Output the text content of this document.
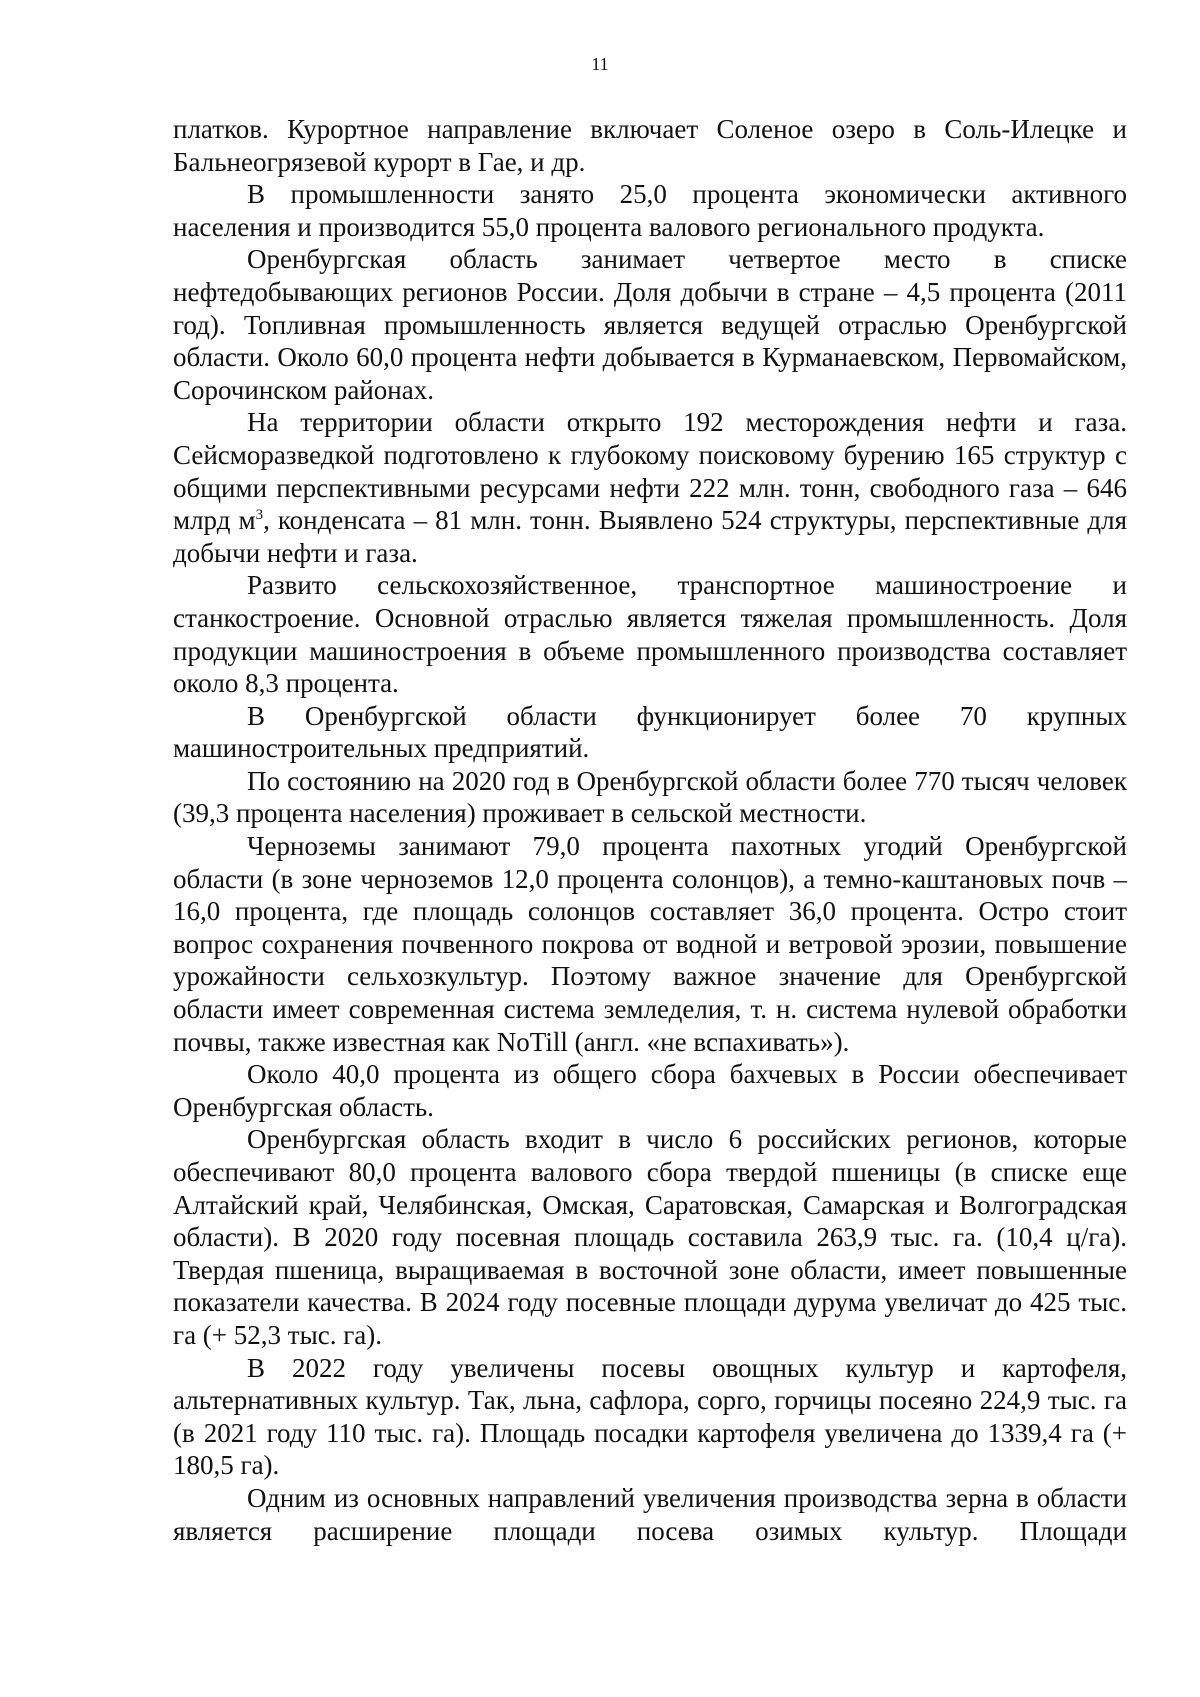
11

платков. Курортное направление включает Соленое озеро в Соль-Илецке и Бальнеогрязевой курорт в Гае, и др.

В промышленности занято 25,0 процента экономически активного населения и производится 55,0 процента валового регионального продукта.

Оренбургская область занимает четвертое место в списке нефтедобывающих регионов России. Доля добычи в стране – 4,5 процента (2011 год). Топливная промышленность является ведущей отраслью Оренбургской области. Около 60,0 процента нефти добывается в Курманаевском, Первомайском, Сорочинском районах.

На территории области открыто 192 месторождения нефти и газа. Сейсморазведкой подготовлено к глубокому поисковому бурению 165 структур с общими перспективными ресурсами нефти 222 млн. тонн, свободного газа – 646 млрд $м^3$, конденсата – 81 млн. тонн. Выявлено 524 структуры, перспективные для добычи нефти и газа.

Развито сельскохозяйственное, транспортное машиностроение и станкостроение. Основной отраслью является тяжелая промышленность. Доля продукции машиностроения в объеме промышленного производства составляет около 8,3 процента.

В Оренбургской области функционирует более 70 крупных машиностроительных предприятий.

По состоянию на 2020 год в Оренбургской области более 770 тысяч человек (39,3 процента населения) проживает в сельской местности.

Черноземы занимают 79,0 процента пахотных угодий Оренбургской области (в зоне черноземов 12,0 процента солонцов), а темно-каштановых почв – 16,0 процента, где площадь солонцов составляет 36,0 процента. Остро стоит вопрос сохранения почвенного покрова от водной и ветровой эрозии, повышение урожайности сельхозкультур. Поэтому важное значение для Оренбургской области имеет современная система земледелия, т. н. система нулевой обработки почвы, также известная как NoTill (англ. «не вспахивать»).

Около 40,0 процента из общего сбора бахчевых в России обеспечивает Оренбургская область.

Оренбургская область входит в число 6 российских регионов, которые обеспечивают 80,0 процента валового сбора твердой пшеницы (в списке еще Алтайский край, Челябинская, Омская, Саратовская, Самарская и Волгоградская области). В 2020 году посевная площадь составила 263,9 тыс. га. (10,4 ц/га). Твердая пшеница, выращиваемая в восточной зоне области, имеет повышенные показатели качества. В 2024 году посевные площади дурума увеличат до 425 тыс. га (+ 52,3 тыс. га).

В 2022 году увеличены посевы овощных культур и картофеля, альтернативных культур. Так, льна, сафлора, сорго, горчицы посеяно 224,9 тыс. га (в 2021 году 110 тыс. га). Площадь посадки картофеля увеличена до 1339,4 га (+ 180,5 га).

Одним из основных направлений увеличения производства зерна в области является расширение площади посева озимых культур. Площади
